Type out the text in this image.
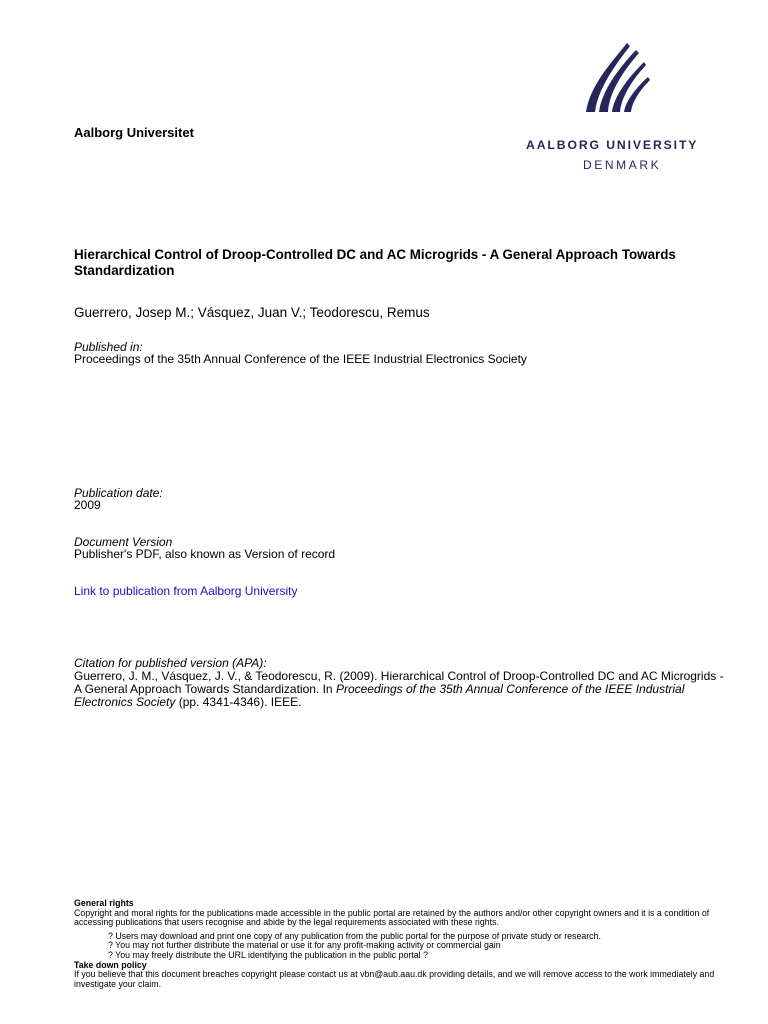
Aalborg Universitet
AALBORG UNIVERSITY
DENMARK
Hierarchical Control of Droop-Controlled DC and AC Microgrids - A General Approach Towards Standardization
Guerrero, Josep M.; Vásquez, Juan V.; Teodorescu, Remus
Published in:
Proceedings of the 35th Annual Conference of the IEEE Industrial Electronics Society
Publication date:
2009
Document Version
Publisher's PDF, also known as Version of record
Link to publication from Aalborg University
Citation for published version (APA):
Guerrero, J. M., Vásquez, J. V., & Teodorescu, R. (2009). Hierarchical Control of Droop-Controlled DC and AC Microgrids - A General Approach Towards Standardization. In Proceedings of the 35th Annual Conference of the IEEE Industrial Electronics Society (pp. 4341-4346). IEEE.
General rights
Copyright and moral rights for the publications made accessible in the public portal are retained by the authors and/or other copyright owners and it is a condition of accessing publications that users recognise and abide by the legal requirements associated with these rights.
? Users may download and print one copy of any publication from the public portal for the purpose of private study or research.
? You may not further distribute the material or use it for any profit-making activity or commercial gain
? You may freely distribute the URL identifying the publication in the public portal ?
Take down policy
If you believe that this document breaches copyright please contact us at vbn@aub.aau.dk providing details, and we will remove access to the work immediately and investigate your claim.
